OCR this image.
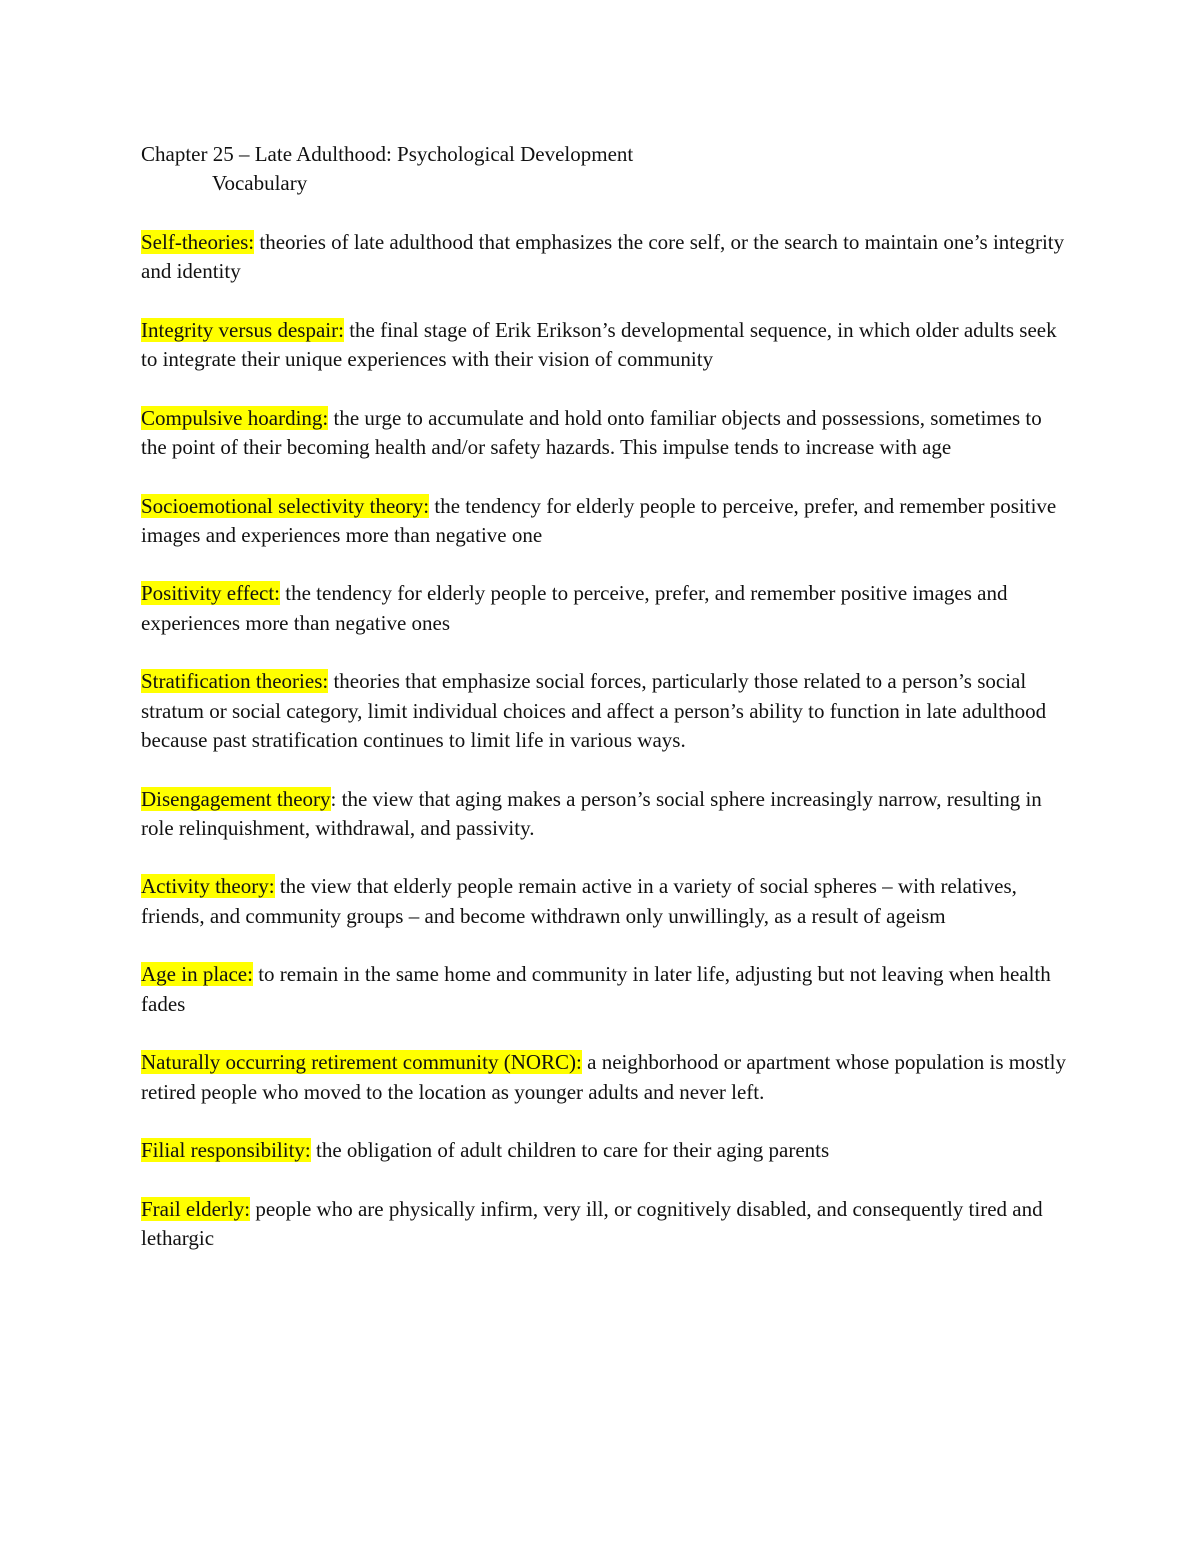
Chapter 25 – Late Adulthood: Psychological Development

Vocabulary

Self-theories: theories of late adulthood that emphasizes the core self, or the search to maintain one’s integrity and identity

Integrity versus despair: the final stage of Erik Erikson’s developmental sequence, in which older adults seek to integrate their unique experiences with their vision of community

Compulsive hoarding: the urge to accumulate and hold onto familiar objects and possessions, sometimes to the point of their becoming health and/or safety hazards. This impulse tends to increase with age

Socioemotional selectivity theory: the tendency for elderly people to perceive, prefer, and remember positive images and experiences more than negative one

Positivity effect: the tendency for elderly people to perceive, prefer, and remember positive images and experiences more than negative ones

Stratification theories: theories that emphasize social forces, particularly those related to a person’s social stratum or social category, limit individual choices and affect a person’s ability to function in late adulthood because past stratification continues to limit life in various ways.

Disengagement theory: the view that aging makes a person’s social sphere increasingly narrow, resulting in role relinquishment, withdrawal, and passivity.

Activity theory: the view that elderly people remain active in a variety of social spheres – with relatives, friends, and community groups – and become withdrawn only unwillingly, as a result of ageism

Age in place: to remain in the same home and community in later life, adjusting but not leaving when health fades

Naturally occurring retirement community (NORC): a neighborhood or apartment whose population is mostly retired people who moved to the location as younger adults and never left.

Filial responsibility: the obligation of adult children to care for their aging parents

Frail elderly: people who are physically infirm, very ill, or cognitively disabled, and consequently tired and lethargic
